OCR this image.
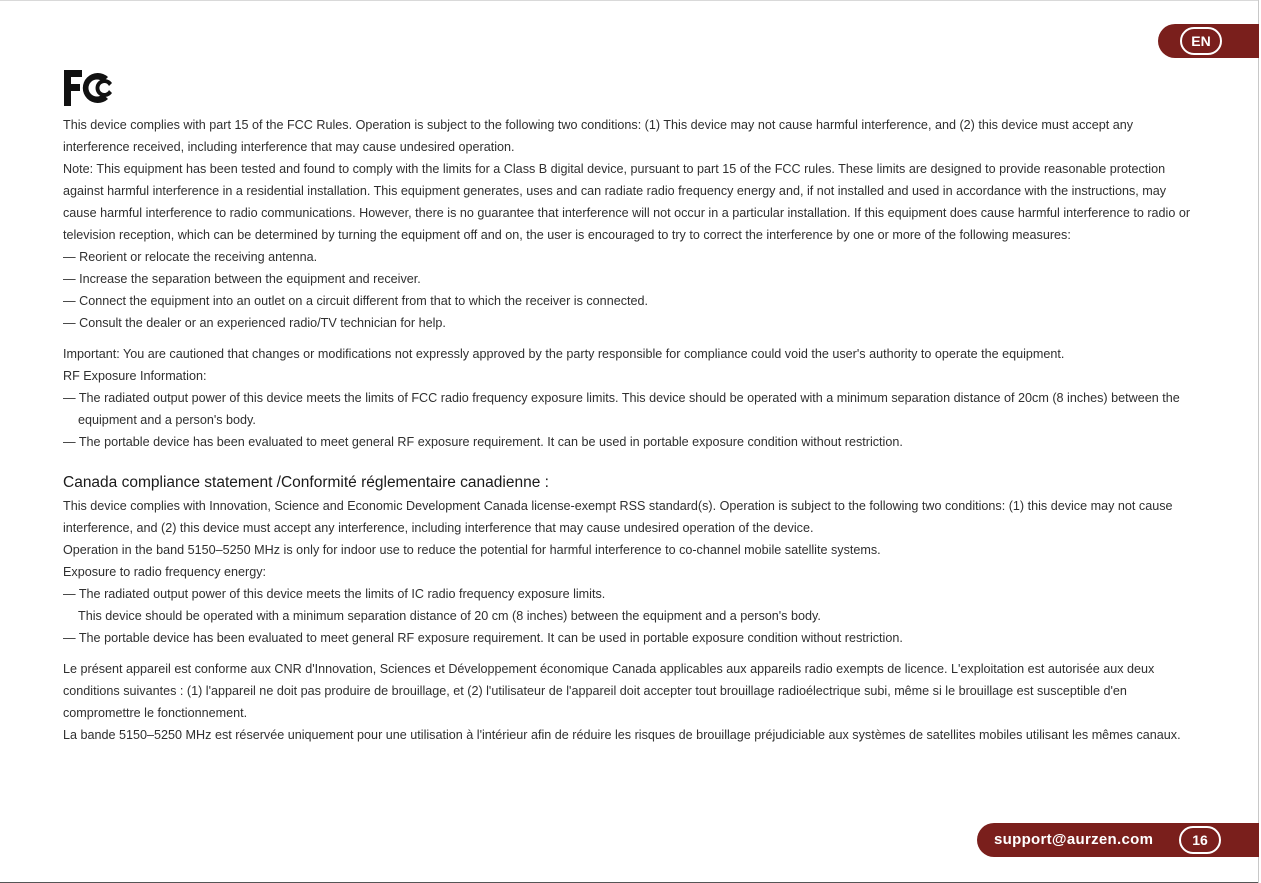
EN

This device complies with part 15 of the FCC Rules. Operation is subject to the following two conditions: (1) This device may not cause harmful interference, and (2) this device must accept any interference received, including interference that may cause undesired operation.

Note: This equipment has been tested and found to comply with the limits for a Class B digital device, pursuant to part 15 of the FCC rules. These limits are designed to provide reasonable protection against harmful interference in a residential installation. This equipment generates, uses and can radiate radio frequency energy and, if not installed and used in accordance with the instructions, may cause harmful interference to radio communications. However, there is no guarantee that interference will not occur in a particular installation. If this equipment does cause harmful interference to radio or television reception, which can be determined by turning the equipment off and on, the user is encouraged to try to correct the interference by one or more of the following measures:

— Reorient or relocate the receiving antenna.

— Increase the separation between the equipment and receiver.

— Connect the equipment into an outlet on a circuit different from that to which the receiver is connected.

— Consult the dealer or an experienced radio/TV technician for help.

Important: You are cautioned that changes or modifications not expressly approved by the party responsible for compliance could void the user's authority to operate the equipment.

RF Exposure Information:

— The radiated output power of this device meets the limits of FCC radio frequency exposure limits. This device should be operated with a minimum separation distance of 20cm (8 inches) between the equipment and a person's body.

— The portable device has been evaluated to meet general RF exposure requirement. It can be used in portable exposure condition without restriction.

Canada compliance statement /Conformité réglementaire canadienne :

This device complies with Innovation, Science and Economic Development Canada license-exempt RSS standard(s). Operation is subject to the following two conditions: (1) this device may not cause interference, and (2) this device must accept any interference, including interference that may cause undesired operation of the device.

Operation in the band 5150–5250 MHz is only for indoor use to reduce the potential for harmful interference to co-channel mobile satellite systems.

Exposure to radio frequency energy:

— The radiated output power of this device meets the limits of IC radio frequency exposure limits.

This device should be operated with a minimum separation distance of 20 cm (8 inches) between the equipment and a person's body.

— The portable device has been evaluated to meet general RF exposure requirement. It can be used in portable exposure condition without restriction.

Le présent appareil est conforme aux CNR d'Innovation, Sciences et Développement économique Canada applicables aux appareils radio exempts de licence. L'exploitation est autorisée aux deux conditions suivantes : (1) l'appareil ne doit pas produire de brouillage, et (2) l'utilisateur de l'appareil doit accepter tout brouillage radioélectrique subi, même si le brouillage est susceptible d'en compromettre le fonctionnement.

La bande 5150–5250 MHz est réservée uniquement pour une utilisation à l'intérieur afin de réduire les risques de brouillage préjudiciable aux systèmes de satellites mobiles utilisant les mêmes canaux.

support@aurzen.com	16
